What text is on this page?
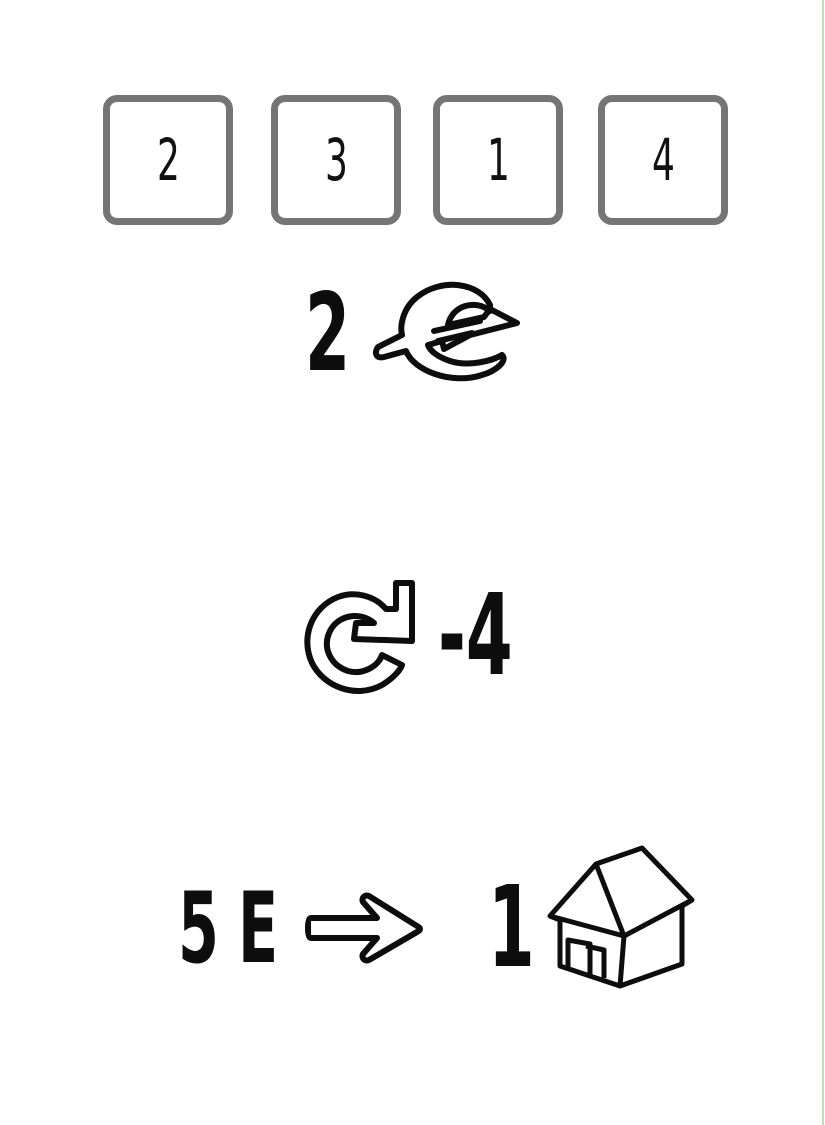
2	3 1 4
2
-4
5 E 1
